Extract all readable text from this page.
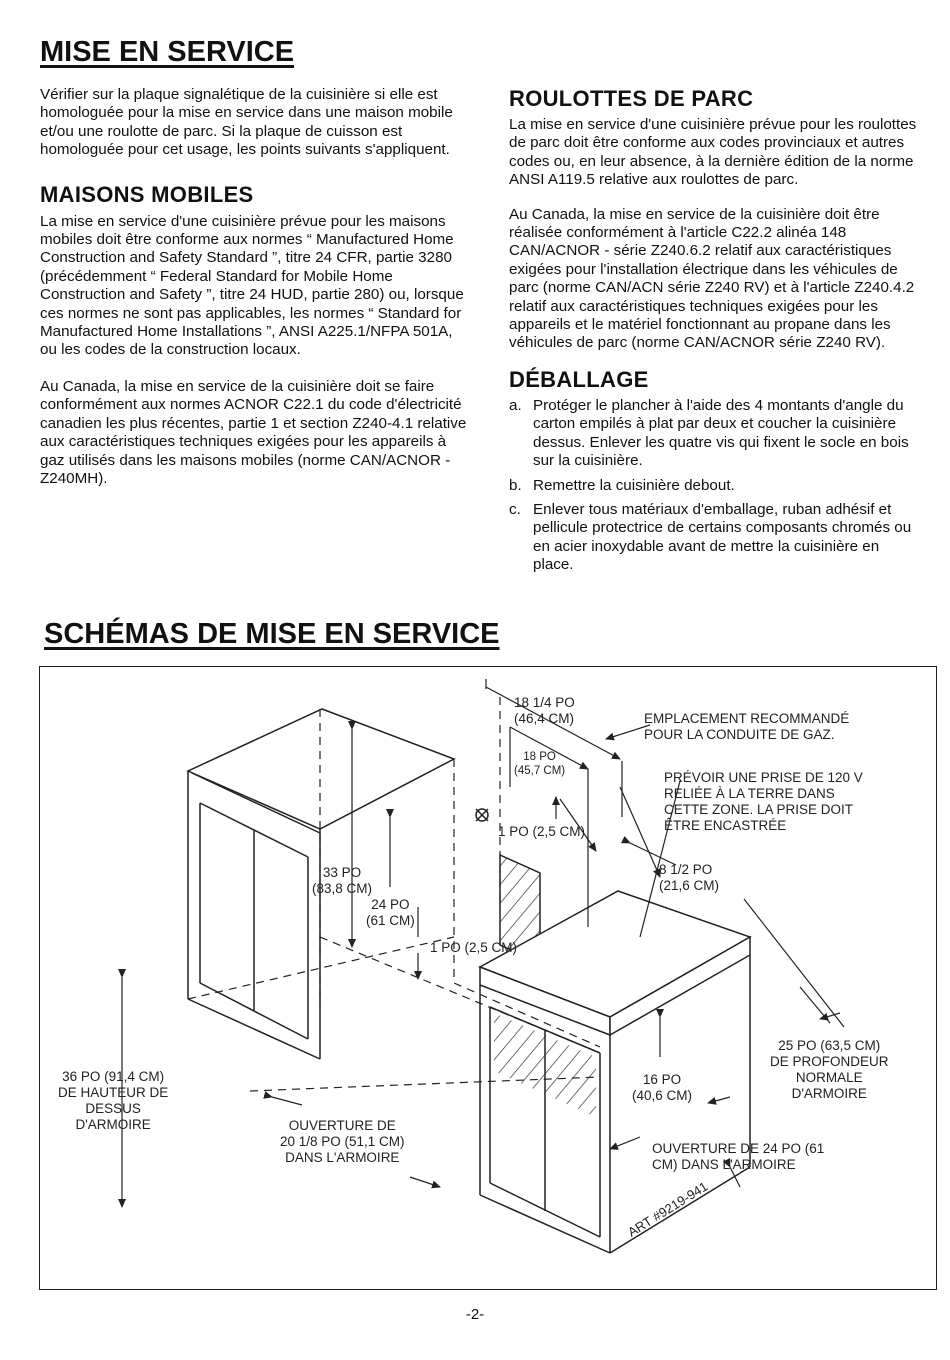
MISE EN SERVICE

Vérifier sur la plaque signalétique de la cuisinière si elle est homologuée pour la mise en service dans une maison mobile et/ou une roulotte de parc. Si la plaque de cuisson est homologuée pour cet usage, les points suivants s'appliquent.

MAISONS MOBILES

La mise en service d'une cuisinière prévue pour les maisons mobiles doit être conforme aux normes “ Manufactured Home Construction and Safety Standard ”, titre 24 CFR, partie 3280 (précédemment “ Federal Standard for Mobile Home Construction and Safety ”, titre 24 HUD, partie 280) ou, lorsque ces normes ne sont pas applicables, les normes “ Standard for Manufactured Home Installations ”, ANSI A225.1/NFPA 501A, ou les codes de la construction locaux.

Au Canada, la mise en service de la cuisinière doit se faire conformément aux normes ACNOR C22.1 du code d'électricité canadien les plus récentes, partie 1 et section Z240-4.1 relative aux caractéristiques techniques exigées pour les appareils à gaz utilisés dans les maisons mobiles (norme CAN/ACNOR - Z240MH).

ROULOTTES DE PARC

La mise en service d'une cuisinière prévue pour les roulottes de parc doit être conforme aux codes provinciaux et autres codes ou, en leur absence, à la dernière édition de la norme ANSI A119.5 relative aux roulottes de parc.

Au Canada, la mise en service de la cuisinière doit être réalisée conformément à l'article C22.2 alinéa 148 CAN/ACNOR - série Z240.6.2 relatif aux caractéristiques exigées pour l'installation électrique dans les véhicules de parc (norme CAN/ACN série Z240 RV) et à l'article Z240.4.2 relatif aux caractéristiques techniques exigées pour les appareils et le matériel fonctionnant au propane dans les véhicules de parc (norme CAN/ACNOR série Z240 RV).

DÉBALLAGE
a. Protéger le plancher à l'aide des 4 montants d'angle du carton empilés à plat par deux et coucher la cuisinière dessus. Enlever les quatre vis qui fixent le socle en bois sur la cuisinière.
b. Remettre la cuisinière debout.
c. Enlever tous matériaux d'emballage, ruban adhésif et pellicule protectrice de certains composants chromés ou en acier inoxydable avant de mettre la cuisinière en place.
SCHÉMAS DE MISE EN SERVICE
18 1/4 PO
(46,4 CM)
18 PO
(45,7 CM)
EMPLACEMENT RECOMMANDÉ
POUR LA CONDUITE DE GAZ.
PRÉVOIR UNE PRISE DE 120 V
RELIÉE À LA TERRE DANS
CETTE ZONE. LA PRISE DOIT
ÊTRE ENCASTRÉE
1 PO (2,5 CM)
33 PO
(83,8 CM)
24 PO
(61 CM)
1 PO (2,5 CM)
8 1/2 PO
(21,6 CM)
25 PO (63,5 CM)
DE PROFONDEUR
NORMALE
D'ARMOIRE
36 PO (91,4 CM)
DE HAUTEUR DE
DESSUS
D'ARMOIRE
16 PO
(40,6 CM)
OUVERTURE DE
20 1/8 PO (51,1 CM)
DANS L'ARMOIRE
OUVERTURE DE 24 PO (61
CM) DANS L'ARMOIRE
ART #9219-941
-2-
